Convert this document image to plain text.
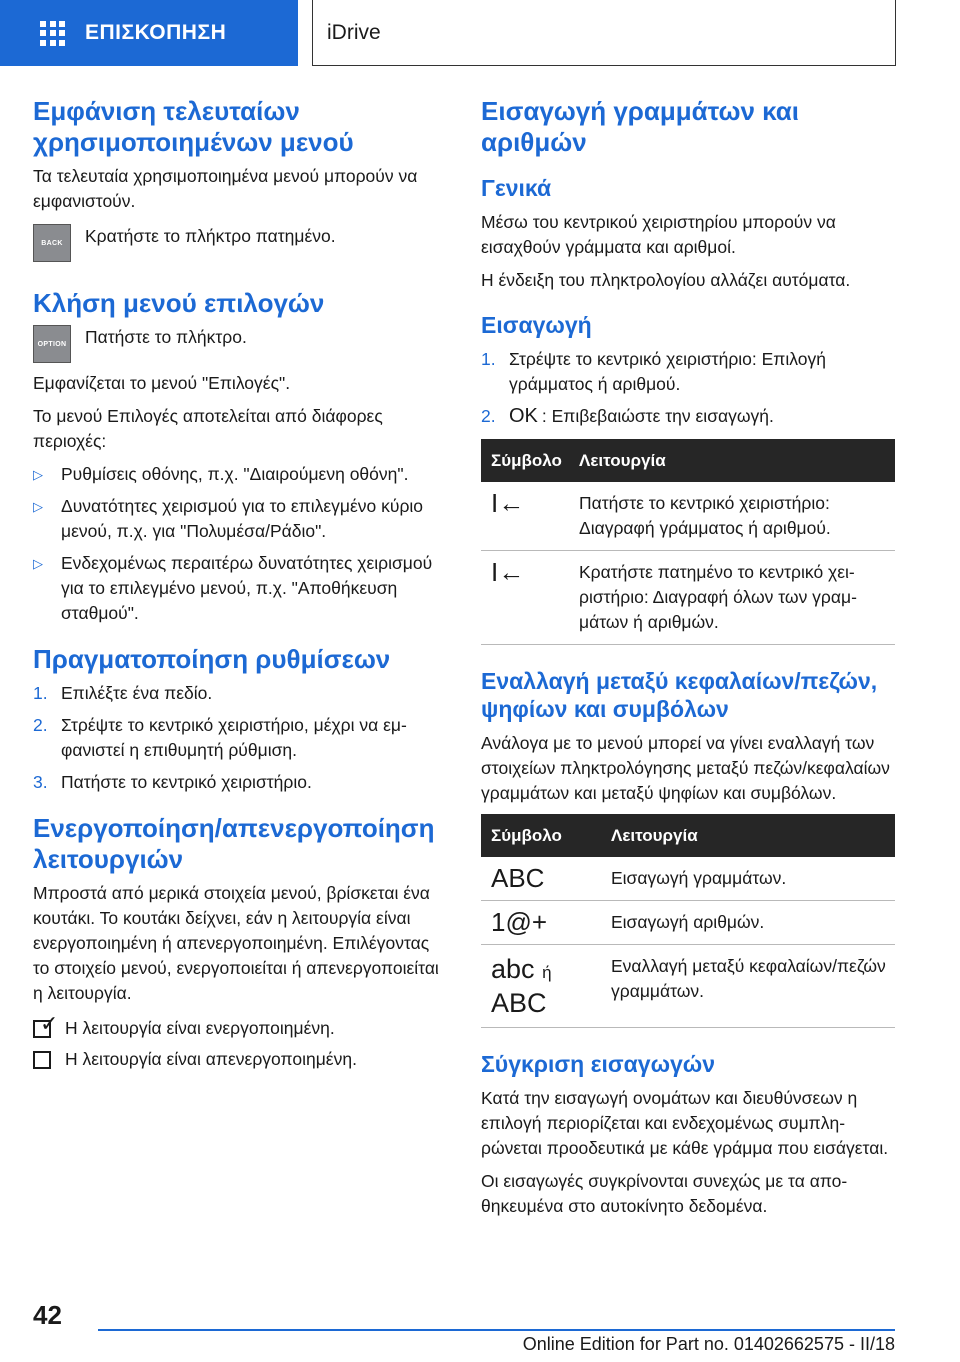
ΕΠΙΣΚΟΠΗΣΗ	iDrive
Εμφάνιση τελευταίων χρησιμοποιημένων μενού

Τα τελευταία χρησιμοποιημένα μενού μπορούν να εμφανιστούν.

BACK Κρατήστε το πλήκτρο πατημένο.

Κλήση μενού επιλογών
OPTION Πατήστε το πλήκτρο.

Εμφανίζεται το μενού "Επιλογές".

Το μενού Επιλογές αποτελείται από διάφορες περιοχές:

▷	Ρυθμίσεις οθόνης, π.χ. "Διαιρούμενη οθόνη".
▷	Δυνατότητες χειρισμού για το επιλεγμένο κύριο μενού, π.χ. για "Πολυμέσα/Ράδιο".
▷	Ενδεχομένως περαιτέρω δυνατότητες χειρισμού για το επιλεγμένο μενού, π.χ. "Αποθήκευση σταθμού".
Πραγματοποίηση ρυθμίσεων
1. Επιλέξτε ένα πεδίο.
2. Στρέψτε το κεντρικό χειριστήριο, μέχρι να εμφανιστεί η επιθυμητή ρύθμιση.
3. Πατήστε το κεντρικό χειριστήριο.
Ενεργοποίηση/απενεργοποίηση λειτουργιών

Μπροστά από μερικά στοιχεία μενού, βρίσκεται ένα κουτάκι. Το κουτάκι δείχνει, εάν η λειτουργία είναι ενεργοποιημένη ή απενεργοποιημένη. Επιλέγοντας το στοιχείο μενού, ενεργοποιείται ή απενεργοποιείται η λειτουργία.

✓ Η λειτουργία είναι ενεργοποιημένη.
Η λειτουργία είναι απενεργοποιημένη.
Εισαγωγή γραμμάτων και αριθμών
Γενικά

Μέσω του κεντρικού χειριστηρίου μπορούν να εισαχθούν γράμματα και αριθμοί.

Η ένδειξη του πληκτρολογίου αλλάζει αυτόματα.

Εισαγωγή
1. Στρέψτε το κεντρικό χειριστήριο: Επιλογή γράμματος ή αριθμού.
2. OK : Επιβεβαιώστε την εισαγωγή.
Σύμβολο	Λειτουργία
I←	Πατήστε το κεντρικό χειριστήριο: Διαγραφή γράμματος ή αριθμού.
I←	Κρατήστε πατημένο το κεντρικό χειριστήριο: Διαγραφή όλων των γραμμάτων ή αριθμών.
Εναλλαγή μεταξύ κεφαλαίων/πεζών, ψηφίων και συμβόλων

Ανάλογα με το μενού μπορεί να γίνει εναλλαγή των στοιχείων πληκτρολόγησης μεταξύ πεζών/κεφαλαίων γραμμάτων και μεταξύ ψηφίων και συμβόλων.

Σύμβολο	Λειτουργία
ABC	Εισαγωγή γραμμάτων.
1@+	Εισαγωγή αριθμών.

abc ή
ABC	Εναλλαγή μεταξύ κεφαλαίων/πεζών γραμμάτων.
Σύγκριση εισαγωγών

Κατά την εισαγωγή ονομάτων και διευθύνσεων η επιλογή περιορίζεται και ενδεχομένως συμπληρώνεται προοδευτικά με κάθε γράμμα που εισάγεται.

Οι εισαγωγές συγκρίνονται συνεχώς με τα αποθηκευμένα στο αυτοκίνητο δεδομένα.

42
Online Edition for Part no. 01402662575 - II/18
